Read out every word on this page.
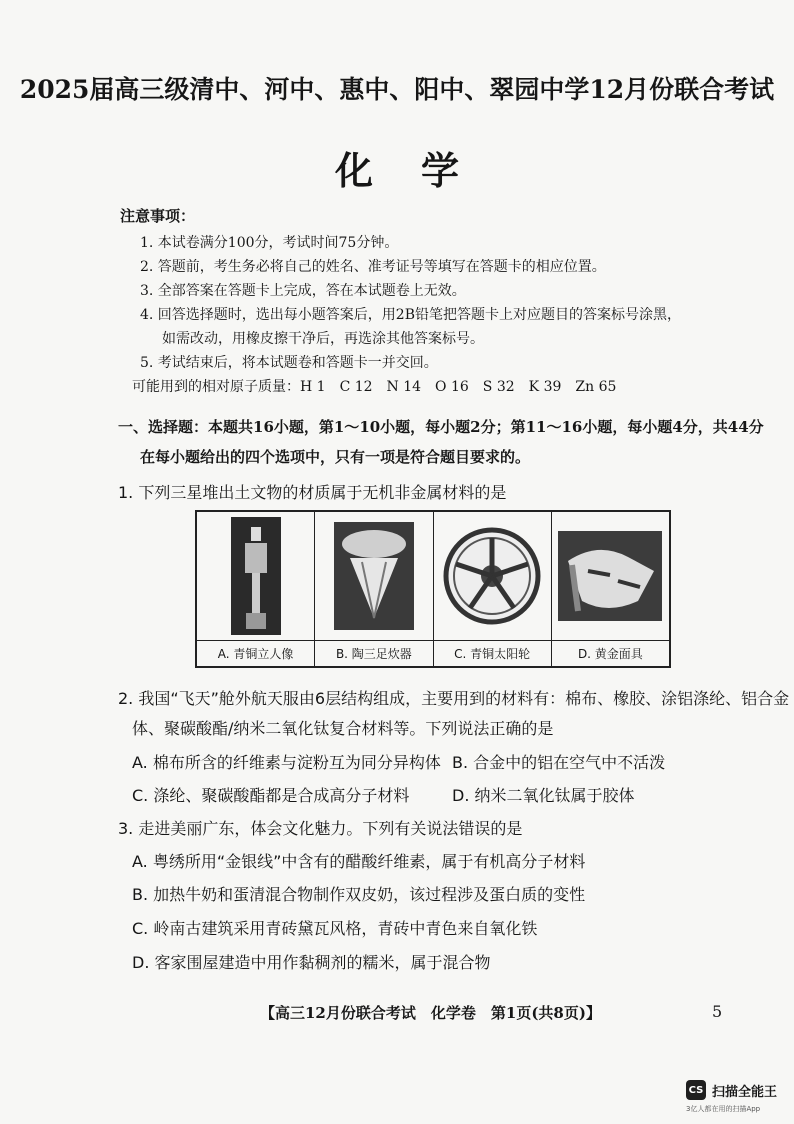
2025届高三级清中、河中、惠中、阳中、翠园中学12月份联合考试
化学
注意事项：
1. 本试卷满分100分，考试时间75分钟。
2. 答题前，考生务必将自己的姓名、准考证号等填写在答题卡的相应位置。
3. 全部答案在答题卡上完成，答在本试题卷上无效。
4. 回答选择题时，选出每小题答案后，用2B铅笔把答题卡上对应题目的答案标号涂黑，
如需改动，用橡皮擦干净后，再选涂其他答案标号。
5. 考试结束后，将本试题卷和答题卡一并交回。
可能用到的相对原子质量：H 1　C 12　N 14　O 16　S 32　K 39　Zn 65
一、选择题：本题共16小题，第1～10小题，每小题2分；第11～16小题，每小题4分，共44分
在每小题给出的四个选项中，只有一项是符合题目要求的。
1. 下列三星堆出土文物的材质属于无机非金属材料的是
A. 青铜立人像	B. 陶三足炊器	C. 青铜太阳轮	D. 黄金面具
2. 我国“飞天”舱外航天服由6层结构组成，主要用到的材料有：棉布、橡胶、涂铝涤纶、铝合金
体、聚碳酸酯/纳米二氧化钛复合材料等。下列说法正确的是
A. 棉布所含的纤维素与淀粉互为同分异构体 B. 合金中的铝在空气中不活泼
C. 涤纶、聚碳酸酯都是合成高分子材料	D. 纳米二氧化钛属于胶体
3. 走进美丽广东，体会文化魅力。下列有关说法错误的是
A. 粤绣所用“金银线”中含有的醋酸纤维素，属于有机高分子材料
B. 加热牛奶和蛋清混合物制作双皮奶，该过程涉及蛋白质的变性
C. 岭南古建筑采用青砖黛瓦风格，青砖中青色来自氧化铁
D. 客家围屋建造中用作黏稠剂的糯米，属于混合物
【高三12月份联合考试　化学卷　第1页(共8页)】	5
CS 扫描全能王
3亿人都在用的扫描App
